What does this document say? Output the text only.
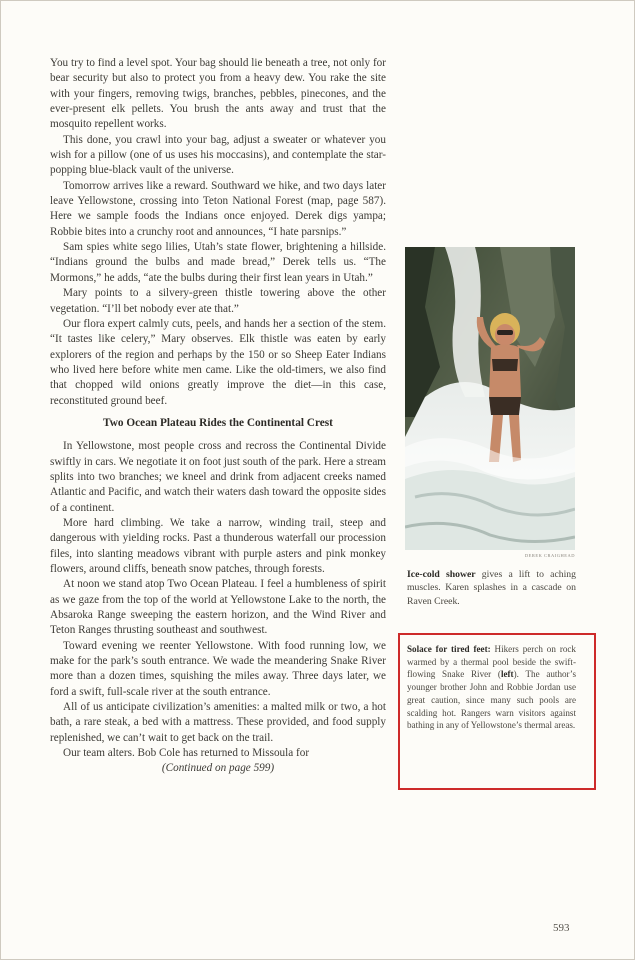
You try to find a level spot. Your bag should lie beneath a tree, not only for bear security but also to protect you from a heavy dew. You rake the site with your fingers, removing twigs, branches, pebbles, pinecones, and the ever-present elk pellets. You brush the ants away and trust that the mosquito repellent works.

This done, you crawl into your bag, adjust a sweater or whatever you wish for a pillow (one of us uses his moccasins), and contemplate the star-popping blue-black vault of the universe.

Tomorrow arrives like a reward. Southward we hike, and two days later leave Yellowstone, crossing into Teton National Forest (map, page 587). Here we sample foods the Indians once enjoyed. Derek digs yampa; Robbie bites into a crunchy root and announces, “I hate parsnips.”

Sam spies white sego lilies, Utah’s state flower, brightening a hillside. “Indians ground the bulbs and made bread,” Derek tells us. “The Mormons,” he adds, “ate the bulbs during their first lean years in Utah.”

Mary points to a silvery-green thistle towering above the other vegetation. “I’ll bet nobody ever ate that.”

Our flora expert calmly cuts, peels, and hands her a section of the stem. “It tastes like celery,” Mary observes. Elk thistle was eaten by early explorers of the region and perhaps by the 150 or so Sheep Eater Indians who lived here before white men came. Like the old-timers, we also find that chopped wild onions greatly improve the diet—in this case, reconstituted ground beef.

Two Ocean Plateau Rides the Continental Crest

In Yellowstone, most people cross and recross the Continental Divide swiftly in cars. We negotiate it on foot just south of the park. Here a stream splits into two branches; we kneel and drink from adjacent creeks named Atlantic and Pacific, and watch their waters dash toward the opposite sides of a continent.

More hard climbing. We take a narrow, winding trail, steep and dangerous with yielding rocks. Past a thunderous waterfall our procession files, into slanting meadows vibrant with purple asters and pink monkey flowers, around cliffs, beneath snow patches, through forests.

At noon we stand atop Two Ocean Plateau. I feel a humbleness of spirit as we gaze from the top of the world at Yellowstone Lake to the north, the Absaroka Range sweeping the eastern horizon, and the Wind River and Teton Ranges thrusting southeast and southwest.

Toward evening we reenter Yellowstone. With food running low, we make for the park’s south entrance. We wade the meandering Snake River more than a dozen times, squishing the miles away. Three days later, we ford a swift, full-scale river at the south entrance.

All of us anticipate civilization’s amenities: a malted milk or two, a hot bath, a rare steak, a bed with a mattress. These provided, and food supply replenished, we can’t wait to get back on the trail.

Our team alters. Bob Cole has returned to Missoula for

(Continued on page 599)

DEREK CRAIGHEAD
Ice-cold shower gives a lift to aching muscles. Karen splashes in a cascade on Raven Creek.
Solace for tired feet: Hikers perch on rock warmed by a thermal pool beside the swift-flowing Snake River (left). The author’s younger brother John and Robbie Jordan use great caution, since many such pools are scalding hot. Rangers warn visitors against bathing in any of Yellowstone’s thermal areas.
593
